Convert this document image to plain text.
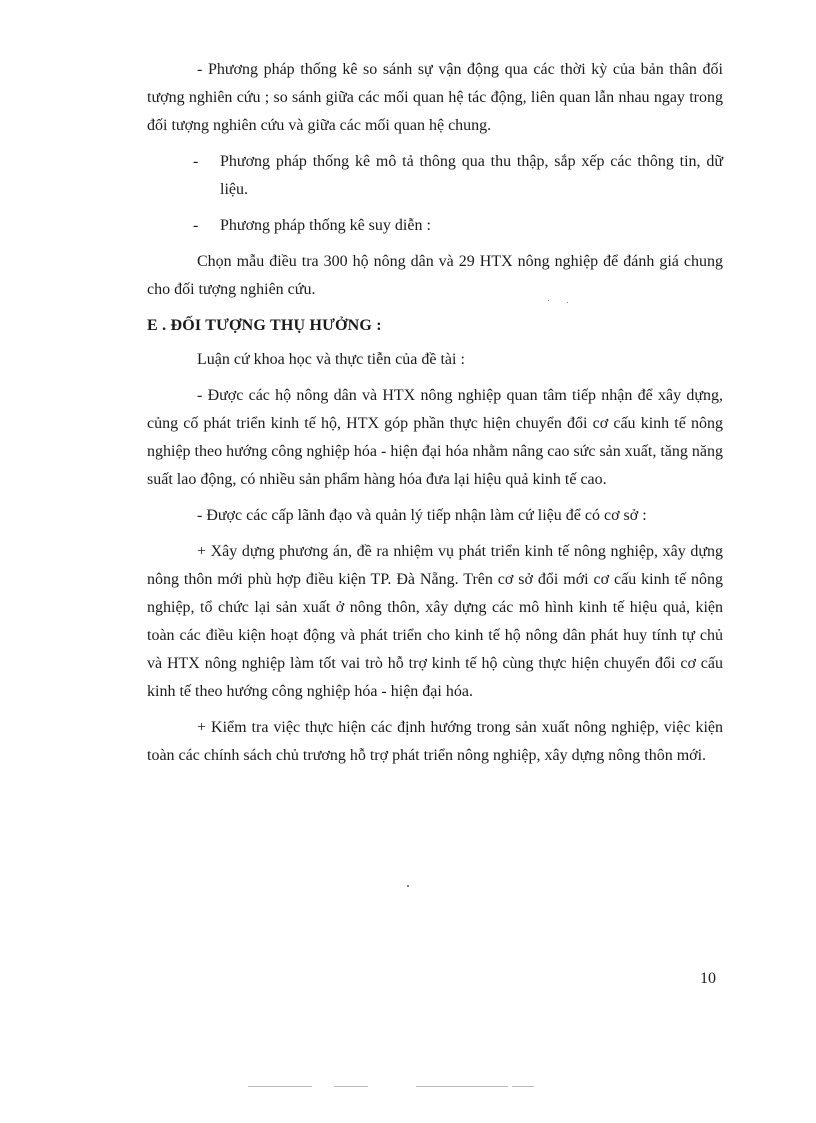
- Phương pháp thống kê so sánh sự vận động qua các thời kỳ của bản thân đối tượng nghiên cứu ; so sánh giữa các mối quan hệ tác động, liên quan lẫn nhau ngay trong đối tượng nghiên cứu và giữa các mối quan hệ chung.

- Phương pháp thống kê mô tả thông qua thu thập, sắp xếp các thông tin, dữ liệu.

- Phương pháp thống kê suy diễn :

Chọn mẫu điều tra 300 hộ nông dân và 29 HTX nông nghiệp để đánh giá chung cho đối tượng nghiên cứu.

E . ĐỐI TƯỢNG THỤ HƯỞNG :

Luận cứ khoa học và thực tiễn của đề tài :

- Được các hộ nông dân và HTX nông nghiệp quan tâm tiếp nhận để xây dựng, củng cố phát triển kinh tế hộ, HTX góp phần thực hiện chuyển đổi cơ cấu kinh tế nông nghiệp theo hướng công nghiệp hóa - hiện đại hóa nhằm nâng cao sức sản xuất, tăng năng suất lao động, có nhiều sản phẩm hàng hóa đưa lại hiệu quả kinh tế cao.

- Được các cấp lãnh đạo và quản lý tiếp nhận làm cứ liệu để có cơ sở :

+ Xây dựng phương án, đề ra nhiệm vụ phát triển kinh tế nông nghiệp, xây dựng nông thôn mới phù hợp điều kiện TP. Đà Nẵng. Trên cơ sở đổi mới cơ cấu kinh tế nông nghiệp, tổ chức lại sản xuất ở nông thôn, xây dựng các mô hình kinh tế hiệu quả, kiện toàn các điều kiện hoạt động và phát triển cho kinh tế hộ nông dân phát huy tính tự chủ và HTX nông nghiệp làm tốt vai trò hỗ trợ kinh tế hộ cùng thực hiện chuyển đổi cơ cấu kinh tế theo hướng công nghiệp hóa - hiện đại hóa.

+ Kiểm tra việc thực hiện các định hướng trong sản xuất nông nghiệp, việc kiện toàn các chính sách chủ trương hỗ trợ phát triển nông nghiệp, xây dựng nông thôn mới.

10
